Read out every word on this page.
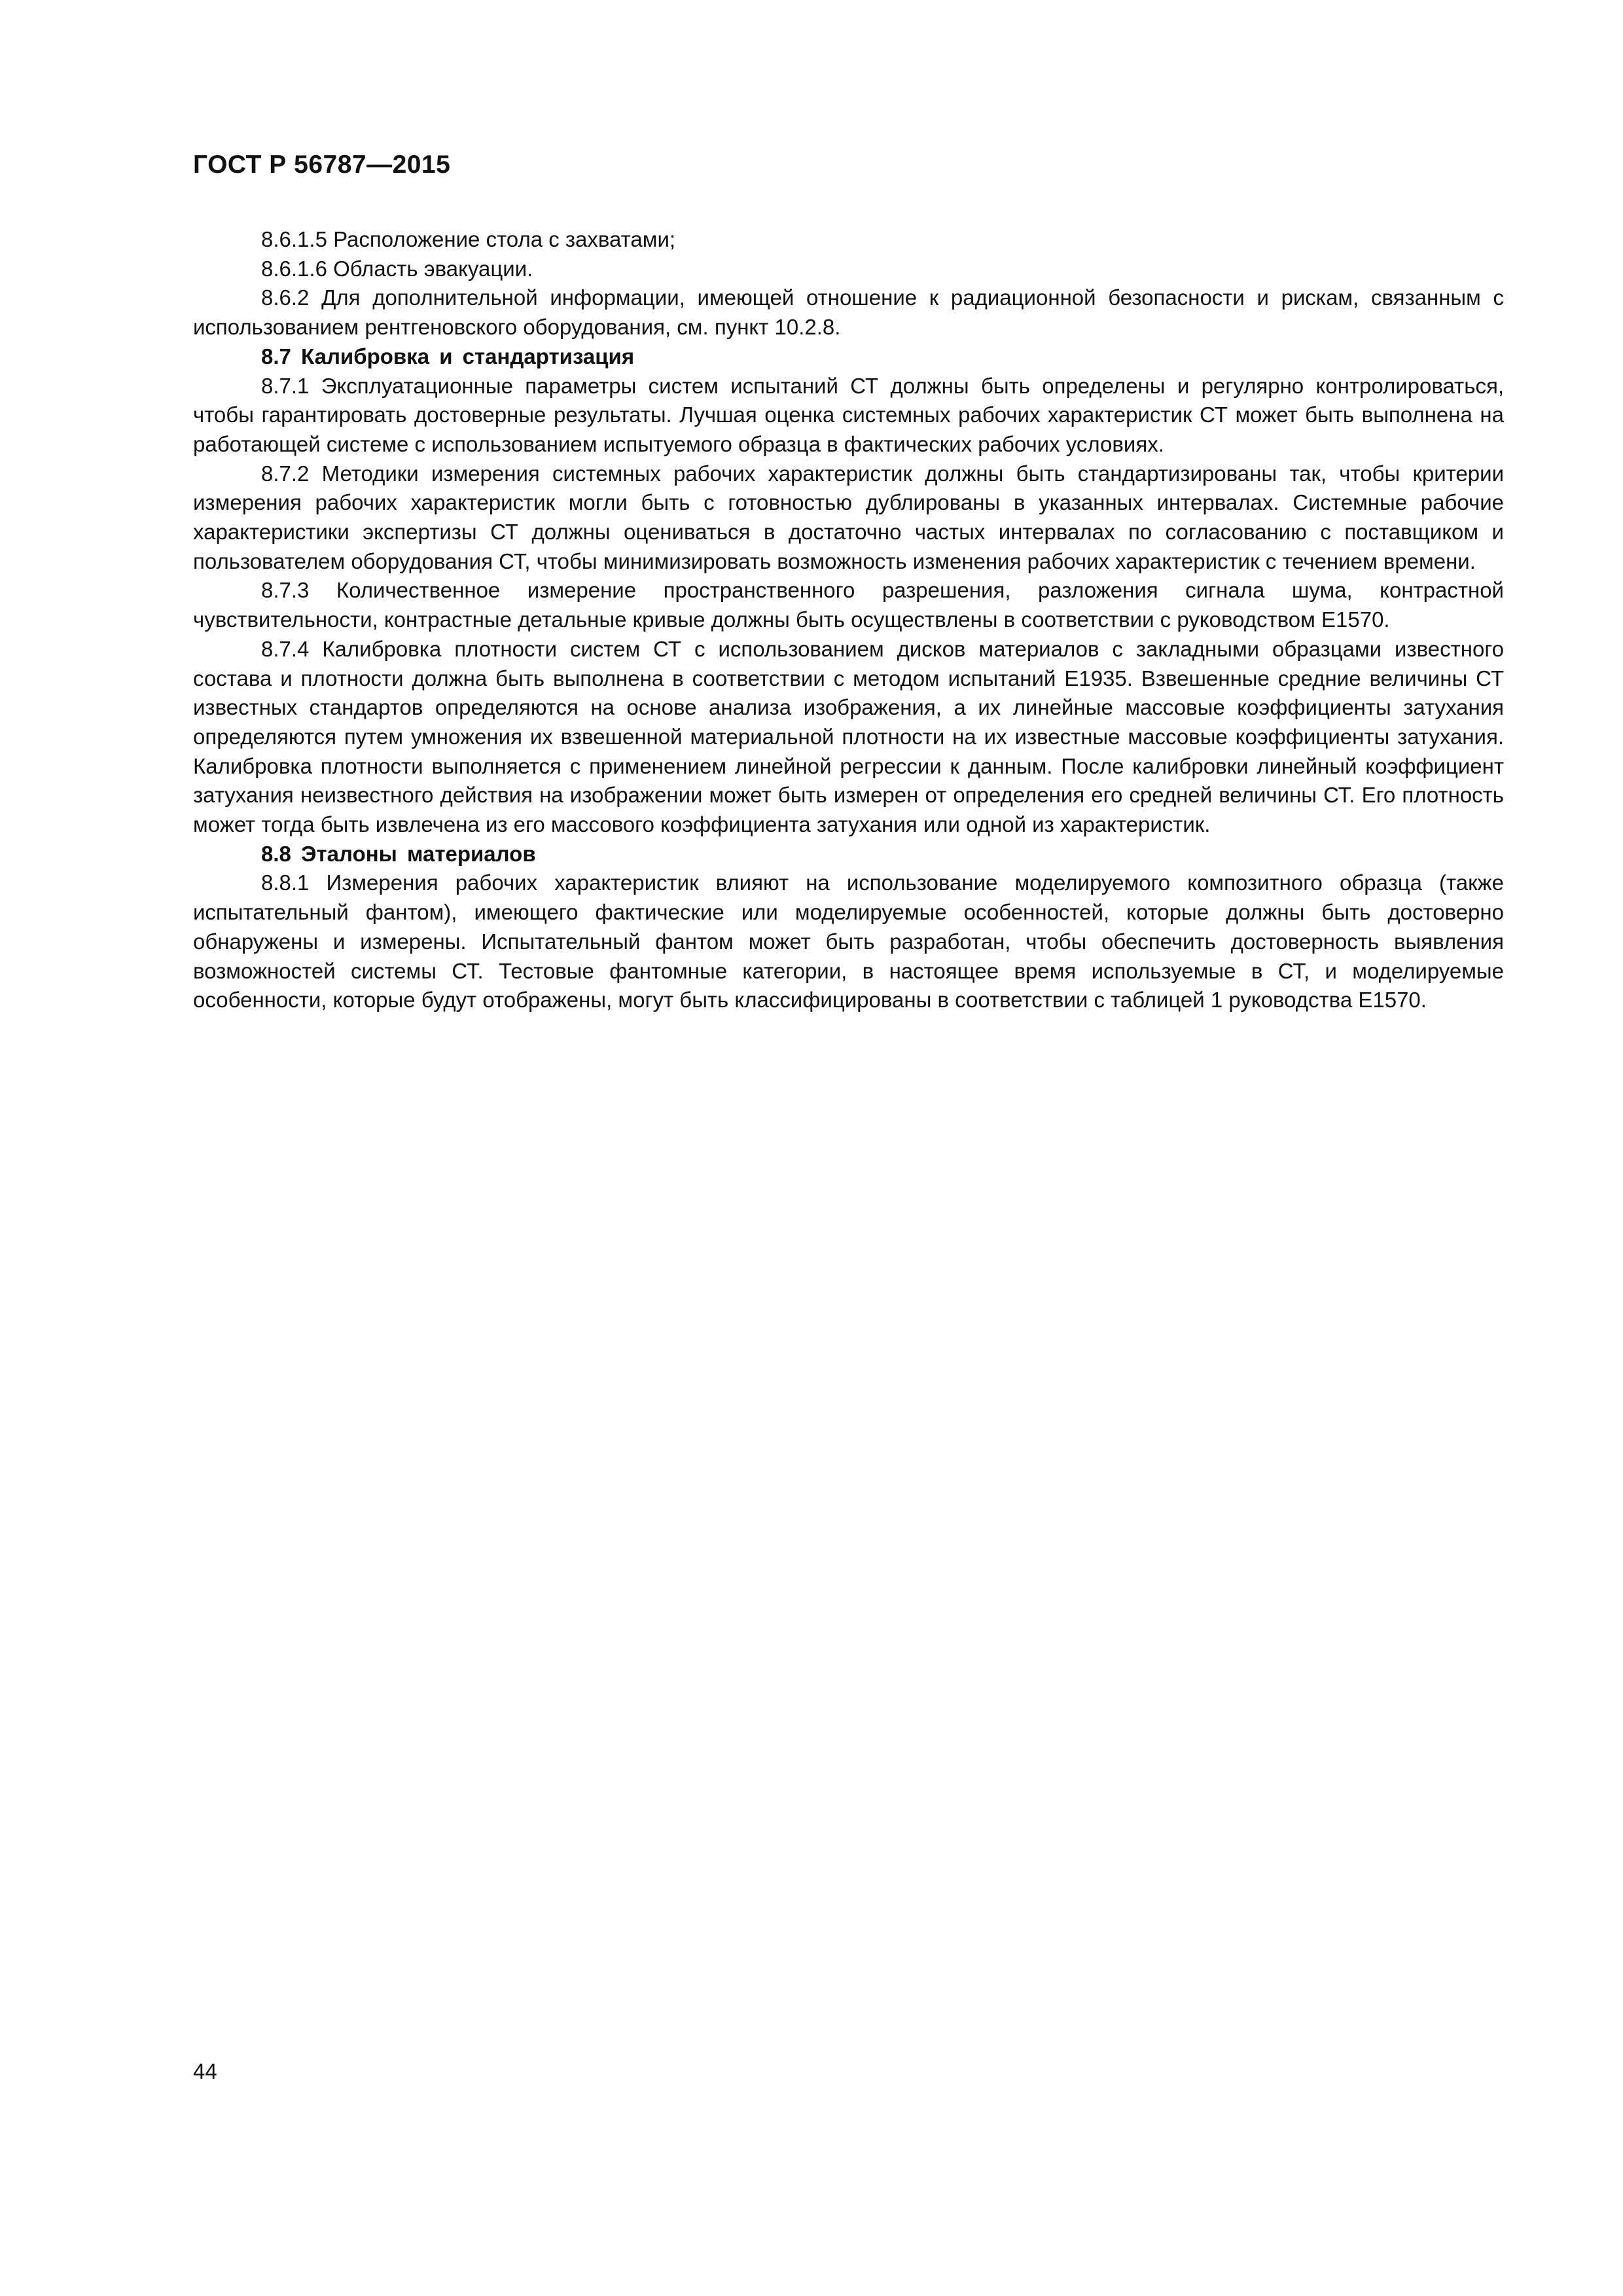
ГОСТ Р 56787—2015

8.6.1.5 Расположение стола с захватами;

8.6.1.6 Область эвакуации.

8.6.2 Для дополнительной информации, имеющей отношение к радиационной безопасности и рискам, связанным с использованием рентгеновского оборудования, см. пункт 10.2.8.

8.7 Калибровка и стандартизация

8.7.1 Эксплуатационные параметры систем испытаний СТ должны быть определены и регулярно контролироваться, чтобы гарантировать достоверные результаты. Лучшая оценка системных рабочих характеристик СТ может быть выполнена на работающей системе с использованием испытуемого образца в фактических рабочих условиях.

8.7.2 Методики измерения системных рабочих характеристик должны быть стандартизированы так, чтобы критерии измерения рабочих характеристик могли быть с готовностью дублированы в указанных интервалах. Системные рабочие характеристики экспертизы СТ должны оцениваться в достаточно частых интервалах по согласованию с поставщиком и пользователем оборудования СТ, чтобы минимизировать возможность изменения рабочих характеристик с течением времени.

8.7.3 Количественное измерение пространственного разрешения, разложения сигнала шума, контрастной чувствительности, контрастные детальные кривые должны быть осуществлены в соответствии с руководством Е1570.

8.7.4 Калибровка плотности систем СТ с использованием дисков материалов с закладными образцами известного состава и плотности должна быть выполнена в соответствии с методом испытаний Е1935. Взвешенные средние величины СТ известных стандартов определяются на основе анализа изображения, а их линейные массовые коэффициенты затухания определяются путем умножения их взвешенной материальной плотности на их известные массовые коэффициенты затухания. Калибровка плотности выполняется с применением линейной регрессии к данным. После калибровки линейный коэффициент затухания неизвестного действия на изображении может быть измерен от определения его средней величины СТ. Его плотность может тогда быть извлечена из его массового коэффициента затухания или одной из характеристик.

8.8 Эталоны материалов

8.8.1 Измерения рабочих характеристик влияют на использование моделируемого композитного образца (также испытательный фантом), имеющего фактические или моделируемые особенностей, которые должны быть достоверно обнаружены и измерены. Испытательный фантом может быть разработан, чтобы обеспечить достоверность выявления возможностей системы СТ. Тестовые фантомные категории, в настоящее время используемые в СТ, и моделируемые особенности, которые будут отображены, могут быть классифицированы в соответствии с таблицей 1 руководства Е1570.

44
